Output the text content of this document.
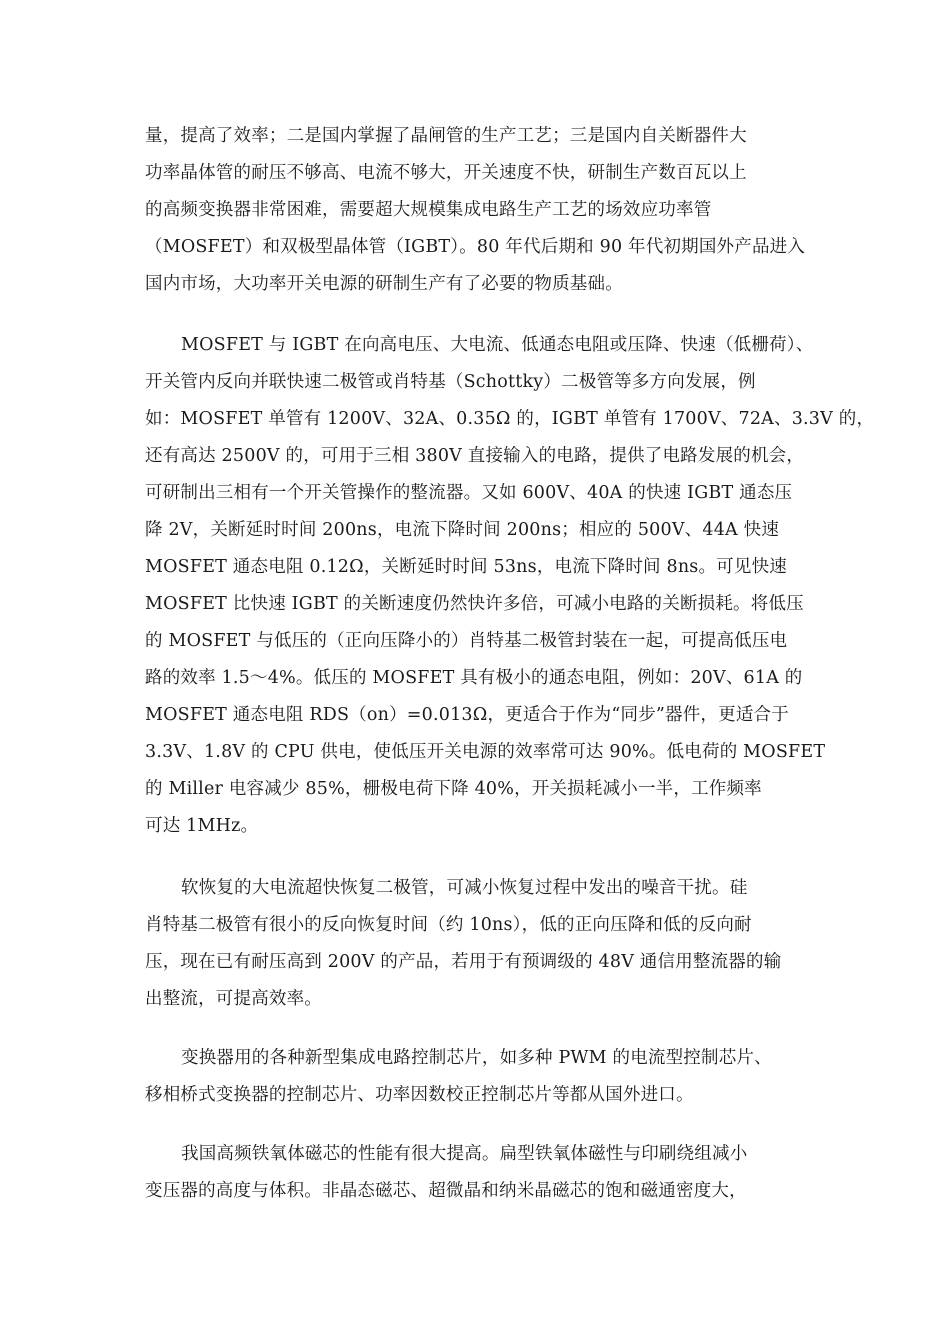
量，提高了效率；二是国内掌握了晶闸管的生产工艺；三是国内自关断器件大
功率晶体管的耐压不够高、电流不够大，开关速度不快，研制生产数百瓦以上
的高频变换器非常困难，需要超大规模集成电路生产工艺的场效应功率管
（MOSFET）和双极型晶体管（IGBT）。80 年代后期和 90 年代初期国外产品进入
国内市场，大功率开关电源的研制生产有了必要的物质基础。
MOSFET 与 IGBT 在向高电压、大电流、低通态电阻或压降、快速（低栅荷）、
开关管内反向并联快速二极管或肖特基（Schottky）二极管等多方向发展，例
如：MOSFET 单管有 1200V、32A、0.35Ω 的，IGBT 单管有 1700V、72A、3.3V 的，
还有高达 2500V 的，可用于三相 380V 直接输入的电路，提供了电路发展的机会，
可研制出三相有一个开关管操作的整流器。又如 600V、40A 的快速 IGBT 通态压
降 2V，关断延时时间 200ns，电流下降时间 200ns；相应的 500V、44A 快速
MOSFET 通态电阻 0.12Ω，关断延时时间 53ns，电流下降时间 8ns。可见快速
MOSFET 比快速 IGBT 的关断速度仍然快许多倍，可减小电路的关断损耗。将低压
的 MOSFET 与低压的（正向压降小的）肖特基二极管封装在一起，可提高低压电
路的效率 1.5～4%。低压的 MOSFET 具有极小的通态电阻，例如：20V、61A 的
MOSFET 通态电阻 RDS（on）=0.013Ω，更适合于作为“同步”器件，更适合于
3.3V、1.8V 的 CPU 供电，使低压开关电源的效率常可达 90%。低电荷的 MOSFET
的 Miller 电容减少 85%，栅极电荷下降 40%，开关损耗减小一半，工作频率
可达 1MHz。
软恢复的大电流超快恢复二极管，可减小恢复过程中发出的噪音干扰。硅
肖特基二极管有很小的反向恢复时间（约 10ns），低的正向压降和低的反向耐
压，现在已有耐压高到 200V 的产品，若用于有预调级的 48V 通信用整流器的输
出整流，可提高效率。
变换器用的各种新型集成电路控制芯片，如多种 PWM 的电流型控制芯片、
移相桥式变换器的控制芯片、功率因数校正控制芯片等都从国外进口。
我国高频铁氧体磁芯的性能有很大提高。扁型铁氧体磁性与印刷绕组减小
变压器的高度与体积。非晶态磁芯、超微晶和纳米晶磁芯的饱和磁通密度大，
